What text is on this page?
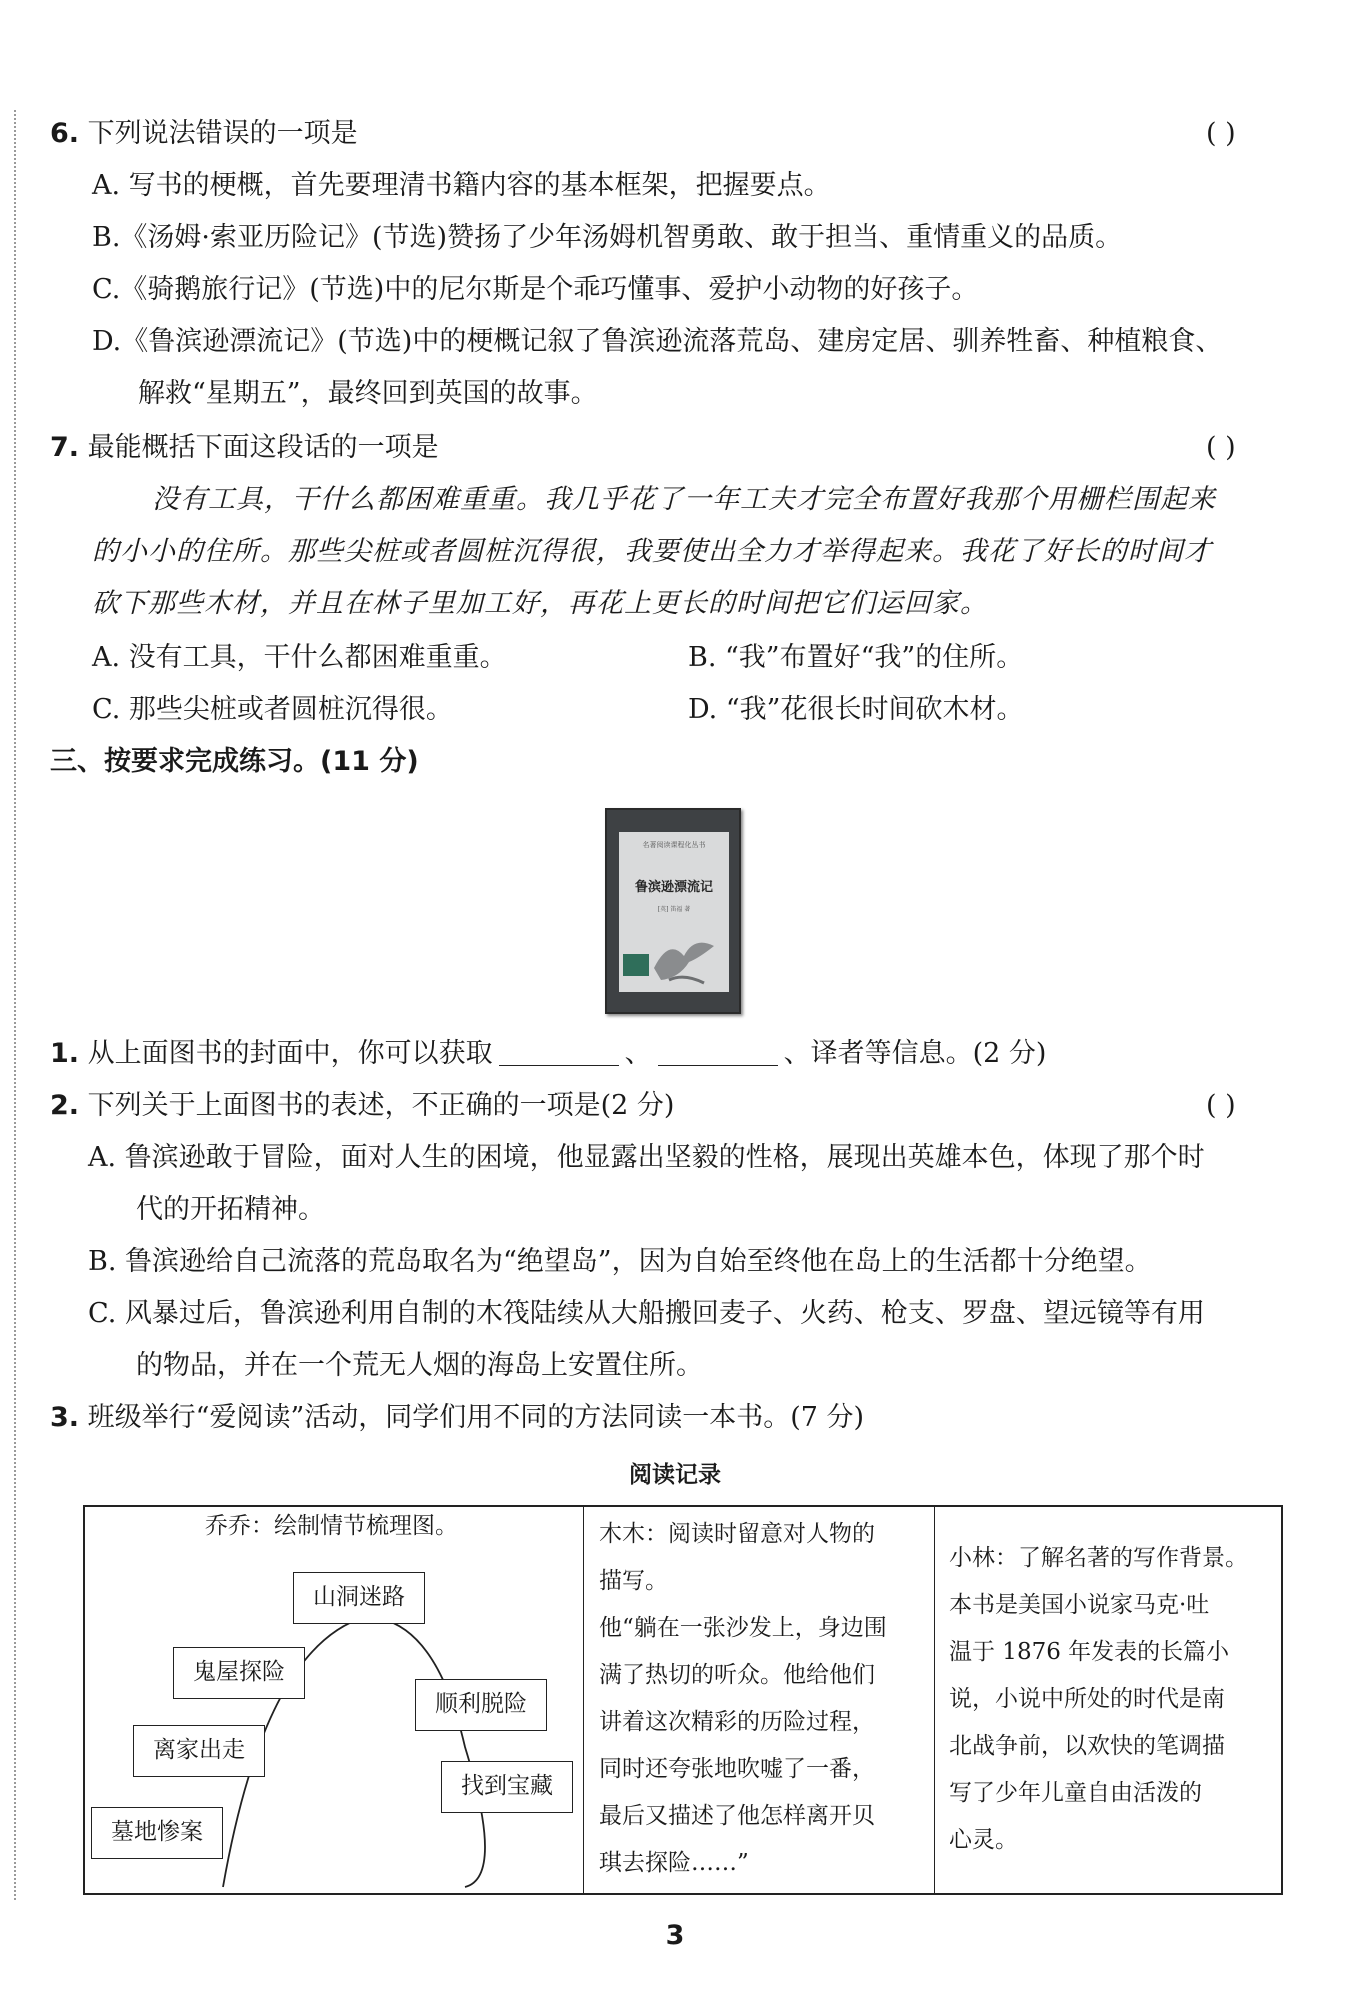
6. 下列说法错误的一项是	( )
A. 写书的梗概，首先要理清书籍内容的基本框架，把握要点。
B.《汤姆·索亚历险记》(节选)赞扬了少年汤姆机智勇敢、敢于担当、重情重义的品质。
C.《骑鹅旅行记》(节选)中的尼尔斯是个乖巧懂事、爱护小动物的好孩子。
D.《鲁滨逊漂流记》(节选)中的梗概记叙了鲁滨逊流落荒岛、建房定居、驯养牲畜、种植粮食、
解救“星期五”，最终回到英国的故事。
7. 最能概括下面这段话的一项是	( )
没有工具，干什么都困难重重。我几乎花了一年工夫才完全布置好我那个用栅栏围起来
的小小的住所。那些尖桩或者圆桩沉得很，我要使出全力才举得起来。我花了好长的时间才
砍下那些木材，并且在林子里加工好，再花上更长的时间把它们运回家。
A. 没有工具，干什么都困难重重。	B. “我”布置好“我”的住所。
C. 那些尖桩或者圆桩沉得很。	D. “我”花很长时间砍木材。
三、按要求完成练习。(11 分)
名著阅读课程化丛书
鲁滨逊漂流记
[英] 笛福 著
1. 从上面图书的封面中，你可以获取	、	、译者等信息。(2 分)
2. 下列关于上面图书的表述，不正确的一项是(2 分)	( )
A. 鲁滨逊敢于冒险，面对人生的困境，他显露出坚毅的性格，展现出英雄本色，体现了那个时
代的开拓精神。
B. 鲁滨逊给自己流落的荒岛取名为“绝望岛”，因为自始至终他在岛上的生活都十分绝望。
C. 风暴过后，鲁滨逊利用自制的木筏陆续从大船搬回麦子、火药、枪支、罗盘、望远镜等有用
的物品，并在一个荒无人烟的海岛上安置住所。
3. 班级举行“爱阅读”活动，同学们用不同的方法同读一本书。(7 分)
阅读记录
乔乔：绘制情节梳理图。
山洞迷路
鬼屋探险
离家出走
墓地惨案
顺利脱险
找到宝藏
木木：阅读时留意对人物的
描写。
他“躺在一张沙发上，身边围
满了热切的听众。他给他们
讲着这次精彩的历险过程，
同时还夸张地吹嘘了一番，
最后又描述了他怎样离开贝
琪去探险……”
小林：了解名著的写作背景。
本书是美国小说家马克·吐
温于 1876 年发表的长篇小
说，小说中所处的时代是南
北战争前，以欢快的笔调描
写了少年儿童自由活泼的
心灵。
3
